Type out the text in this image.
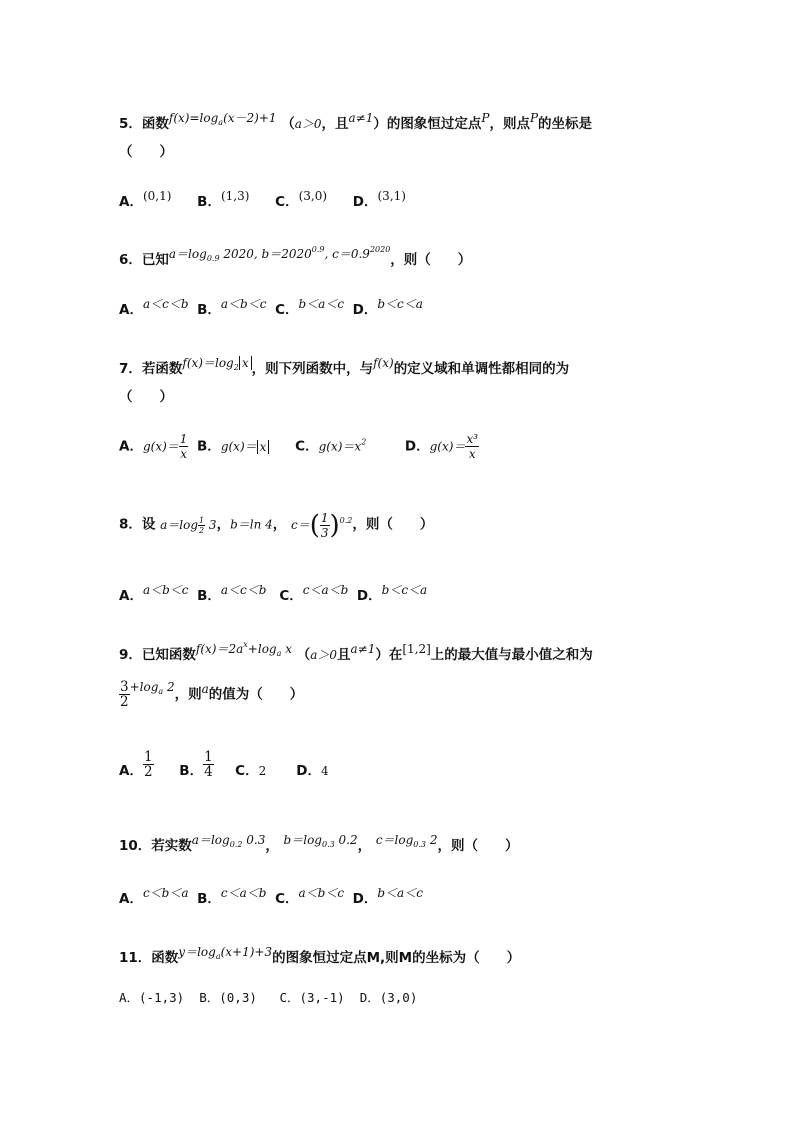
5．函数$f(x)=\log_a(x-2)+1$ （a＞0，且a≠1）的图象恒过定点P，则点P的坐标是
（　　）
A．(0,1) B．(1,3) C．(3,0) D．(3,1)
6．已知$a=\log_{0.9}$ 2020, $b=2020^{0.9}$, $c=0.9^{2020}$，则（　　）
A．a＜c＜b B．a＜b＜c C．b＜a＜c D．b＜c＜a
7．若函数$f(x)=\log_2$ x ，则下列函数中，与f(x)的定义域和单调性都相同的为
（　　）
A．$g(x)= \frac{1}{x}$ B．g(x)＝ x C．$g(x)=x^2$	D．$g(x)= \frac{\text{x³}}{x}$
8．设 $a=\log \frac{1}{2} 3$，b＝ln 4， $c=( \frac{1}{3} )^{0.2}$，则（　　）
A．a＜b＜c B．a＜c＜b C．c＜a＜b D．b＜c＜a
9．已知函数$f(x)=2a^x+\log_a$ x （a＞0且a≠1）在[1,2]上的最大值与最小值之和为
$\frac{3}{2} +\log_a$ 2，则a的值为（　　）
A． $\frac{1}{2}$ B． $\frac{1}{4}$ C．2 D．4
10．若实数$a=\log_{0.2}$ 0.3， $b=\log_{0.3}$ 0.2， $c=\log_{0.3}$ 2，则（　　）
A．c＜b＜a B．c＜a＜b C．a＜b＜c D．b＜a＜c
11．函数$y=\log_a(x+1)+3$的图象恒过定点M,则M的坐标为（　　）
A．(-1,3)  B．(0,3)   C．(3,-1)  D．(3,0)
